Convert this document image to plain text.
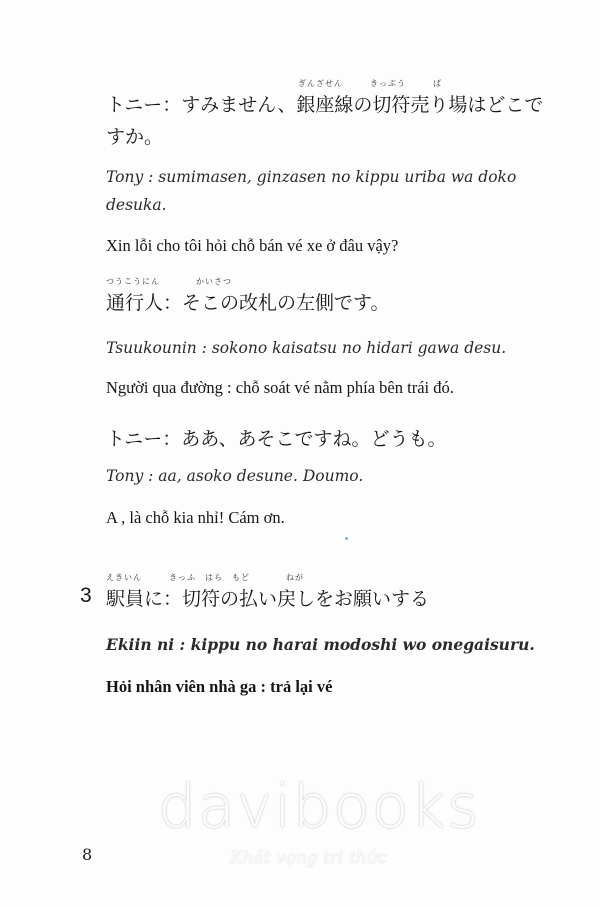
ぎんざせん　　　きっぷう　　　ば
トニー：すみません、銀座線の切符売り場はどこで
すか。
Tony : sumimasen, ginzasen no kippu uriba wa doko
desuka.
Xin lỗi cho tôi hỏi chỗ bán vé xe ở đâu vậy?
つうこうにん　　　　かいさつ
通行人：そこの改札の左側です。
Tsuukounin : sokono kaisatsu no hidari gawa desu.
Người qua đường : chỗ soát vé nằm phía bên trái đó.
トニー：ああ、あそこですね。どうも。
Tony : aa, asoko desune. Doumo.
A , là chỗ kia nhỉ! Cám ơn.
3
えきいん　　　きっふ　はら　もど　　　　ねが
駅員に：切符の払い戻しをお願いする
Ekiin ni : kippu no harai modoshi wo onegaisuru.
Hỏi nhân viên nhà ga : trả lại vé
davibooks
Khát vọng tri thức
8
